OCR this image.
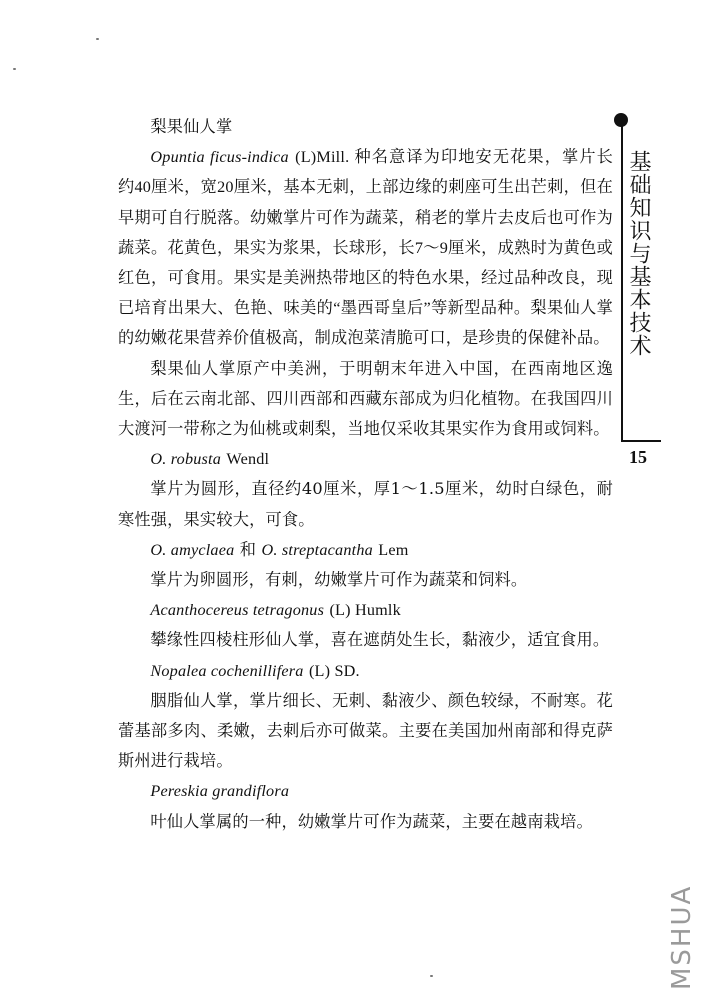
梨果仙人掌

Opuntia ficus-indica (L)Mill. 种名意译为印地安无花果，掌片长约40厘米，宽20厘米，基本无刺，上部边缘的刺座可生出芒刺，但在早期可自行脱落。幼嫩掌片可作为蔬菜，稍老的掌片去皮后也可作为蔬菜。花黄色，果实为浆果，长球形，长7～9厘米，成熟时为黄色或红色，可食用。果实是美洲热带地区的特色水果，经过品种改良，现已培育出果大、色艳、味美的“墨西哥皇后”等新型品种。梨果仙人掌的幼嫩花果营养价值极高，制成泡菜清脆可口，是珍贵的保健补品。

梨果仙人掌原产中美洲，于明朝末年进入中国，在西南地区逸生，后在云南北部、四川西部和西藏东部成为归化植物。在我国四川大渡河一带称之为仙桃或刺梨，当地仅采收其果实作为食用或饲料。

O. robusta Wendl

掌片为圆形，直径约40厘米，厚1～1.5厘米，幼时白绿色，耐寒性强，果实较大，可食。

O. amyclaea 和 O. streptacantha Lem

掌片为卵圆形，有刺，幼嫩掌片可作为蔬菜和饲料。

Acanthocereus tetragonus (L) Humlk

攀缘性四棱柱形仙人掌，喜在遮荫处生长，黏液少，适宜食用。

Nopalea cochenillifera (L) SD.

胭脂仙人掌，掌片细长、无刺、黏液少、颜色较绿，不耐寒。花蕾基部多肉、柔嫩，去刺后亦可做菜。主要在美国加州南部和得克萨斯州进行栽培。

Pereskia grandiflora

叶仙人掌属的一种，幼嫩掌片可作为蔬菜，主要在越南栽培。

基础知识与基本技术
15
MSHUA
